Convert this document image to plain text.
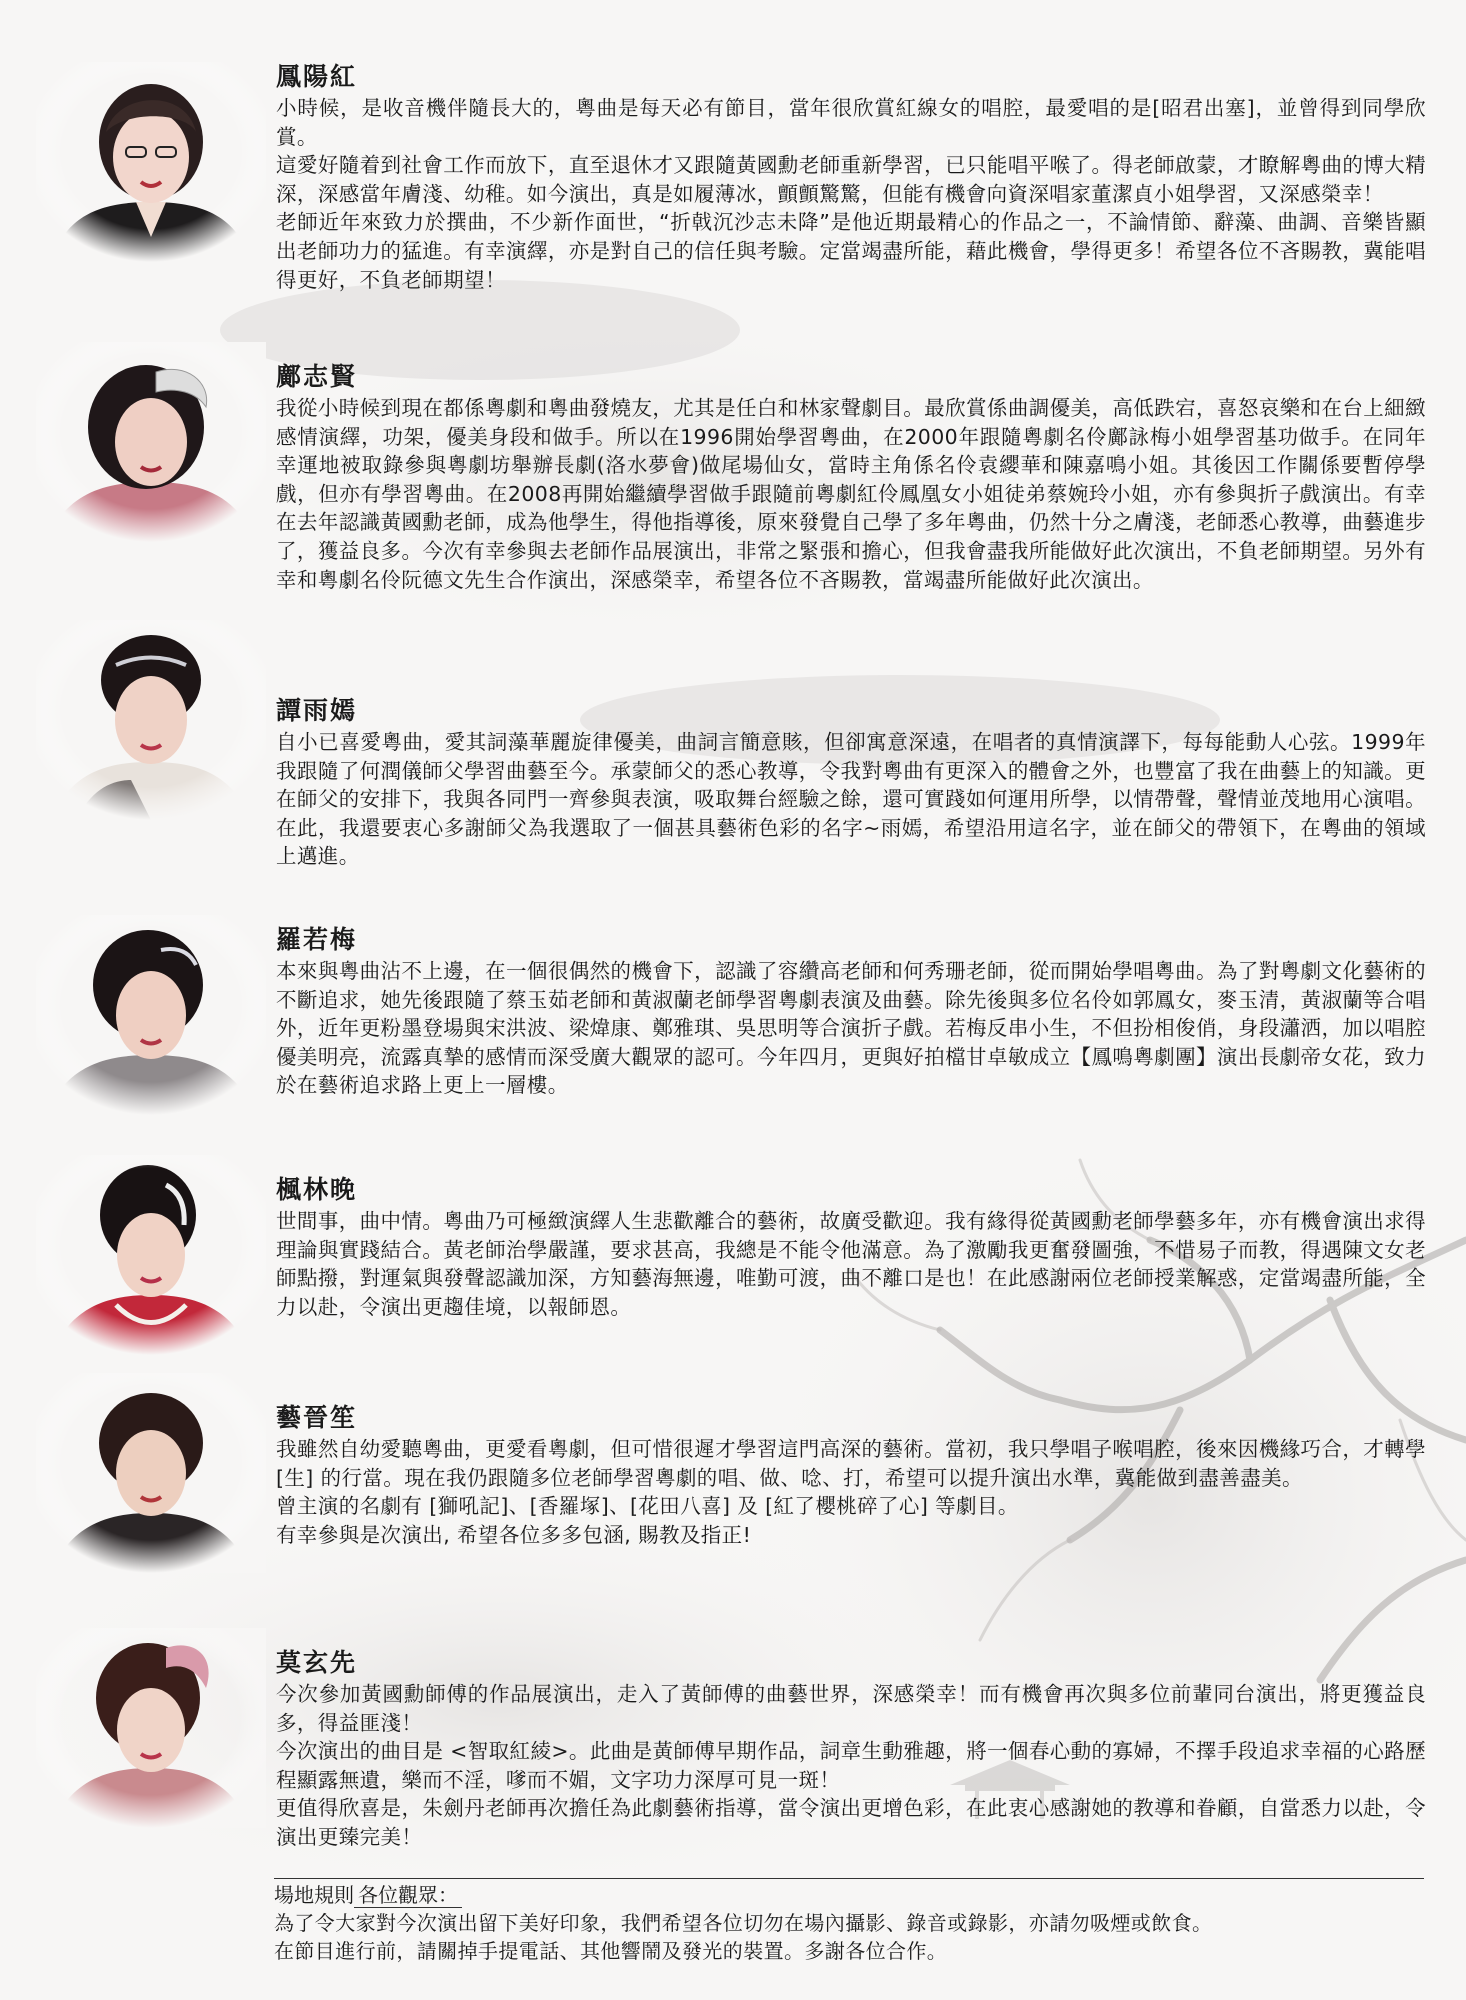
鳳陽紅

小時候，是收音機伴隨長大的，粵曲是每天必有節目，當年很欣賞紅線女的唱腔，最愛唱的是[昭君出塞]，並曾得到同學欣賞。

這愛好隨着到社會工作而放下，直至退休才又跟隨黃國勳老師重新學習，已只能唱平喉了。得老師啟蒙，才瞭解粵曲的博大精深，深感當年膚淺、幼稚。如今演出，真是如履薄冰，顫顫驚驚，但能有機會向資深唱家董潔貞小姐學習，又深感榮幸！

老師近年來致力於撰曲，不少新作面世，“折戟沉沙志未降”是他近期最精心的作品之一，不論情節、辭藻、曲調、音樂皆顯出老師功力的猛進。有幸演繹，亦是對自己的信任與考驗。定當竭盡所能，藉此機會，學得更多！希望各位不吝賜教，冀能唱得更好，不負老師期望！

鄺志賢

我從小時候到現在都係粵劇和粵曲發燒友，尤其是任白和林家聲劇目。最欣賞係曲調優美，高低跌宕，喜怒哀樂和在台上細緻感情演繹，功架，優美身段和做手。所以在1996開始學習粵曲，在2000年跟隨粵劇名伶鄺詠梅小姐學習基功做手。在同年幸運地被取錄參與粵劇坊舉辦長劇(洛水夢會)做尾場仙女，當時主角係名伶袁纓華和陳嘉鳴小姐。其後因工作關係要暫停學戲，但亦有學習粵曲。在2008再開始繼續學習做手跟隨前粵劇紅伶鳳凰女小姐徒弟蔡婉玲小姐，亦有參與折子戲演出。有幸在去年認識黃國勳老師，成為他學生，得他指導後，原來發覺自己學了多年粵曲，仍然十分之膚淺，老師悉心教導，曲藝進步了，獲益良多。今次有幸參與去老師作品展演出，非常之緊張和擔心，但我會盡我所能做好此次演出，不負老師期望。另外有幸和粵劇名伶阮德文先生合作演出，深感榮幸，希望各位不吝賜教，當竭盡所能做好此次演出。

譚雨嫣

自小已喜愛粵曲，愛其詞藻華麗旋律優美，曲詞言簡意賅，但卻寓意深遠，在唱者的真情演譯下，每每能動人心弦。1999年我跟隨了何潤儀師父學習曲藝至今。承蒙師父的悉心教導，令我對粵曲有更深入的體會之外，也豐富了我在曲藝上的知識。更在師父的安排下，我與各同門一齊參與表演，吸取舞台經驗之餘，還可實踐如何運用所學，以情帶聲，聲情並茂地用心演唱。在此，我還要衷心多謝師父為我選取了一個甚具藝術色彩的名字~雨嫣，希望沿用這名字，並在師父的帶領下，在粵曲的領域上邁進。

羅若梅

本來與粵曲沾不上邊，在一個很偶然的機會下，認識了容纘高老師和何秀珊老師，從而開始學唱粵曲。為了對粵劇文化藝術的不斷追求，她先後跟隨了蔡玉茹老師和黃淑蘭老師學習粵劇表演及曲藝。除先後與多位名伶如郭鳳女，麥玉清，黃淑蘭等合唱外，近年更粉墨登場與宋洪波、梁煒康、鄭雅琪、吳思明等合演折子戲。若梅反串小生，不但扮相俊俏，身段瀟洒，加以唱腔優美明亮，流露真摯的感情而深受廣大觀眾的認可。今年四月，更與好拍檔甘卓敏成立【鳳鳴粵劇團】演出長劇帝女花，致力於在藝術追求路上更上一層樓。

楓林晚

世間事，曲中情。粵曲乃可極緻演繹人生悲歡離合的藝術，故廣受歡迎。我有緣得從黃國勳老師學藝多年，亦有機會演出求得理論與實踐結合。黃老師治學嚴謹，要求甚高，我總是不能令他滿意。為了激勵我更奮發圖強，不惜易子而教，得遇陳文女老師點撥，對運氣與發聲認識加深，方知藝海無邊，唯勤可渡，曲不離口是也！在此感謝兩位老師授業解惑，定當竭盡所能，全力以赴，令演出更趨佳境，以報師恩。

藝晉笙

我雖然自幼愛聽粵曲，更愛看粵劇，但可惜很遲才學習這門高深的藝術。當初，我只學唱子喉唱腔，後來因機緣巧合，才轉學 [生] 的行當。現在我仍跟隨多位老師學習粵劇的唱、做、唸、打，希望可以提升演出水準，冀能做到盡善盡美。

曾主演的名劇有 [獅吼記]、[香羅塚]、[花田八喜] 及 [紅了櫻桃碎了心] 等劇目。

有幸參與是次演出, 希望各位多多包涵, 賜教及指正!

莫玄先

今次參加黃國勳師傅的作品展演出，走入了黃師傅的曲藝世界，深感榮幸！而有機會再次與多位前輩同台演出，將更獲益良多，得益匪淺！

今次演出的曲目是 <智取紅綾>。此曲是黃師傅早期作品，詞章生動雅趣，將一個春心動的寡婦，不擇手段追求幸福的心路歷程顯露無遺，樂而不淫，嗲而不媚，文字功力深厚可見一斑！

更值得欣喜是，朱劍丹老師再次擔任為此劇藝術指導，當令演出更增色彩，在此衷心感謝她的教導和眷顧，自當悉力以赴，令演出更臻完美！

場地規則 各位觀眾：

為了令大家對今次演出留下美好印象，我們希望各位切勿在場內攝影、錄音或錄影，亦請勿吸煙或飲食。

在節目進行前，請關掉手提電話、其他響鬧及發光的裝置。多謝各位合作。
